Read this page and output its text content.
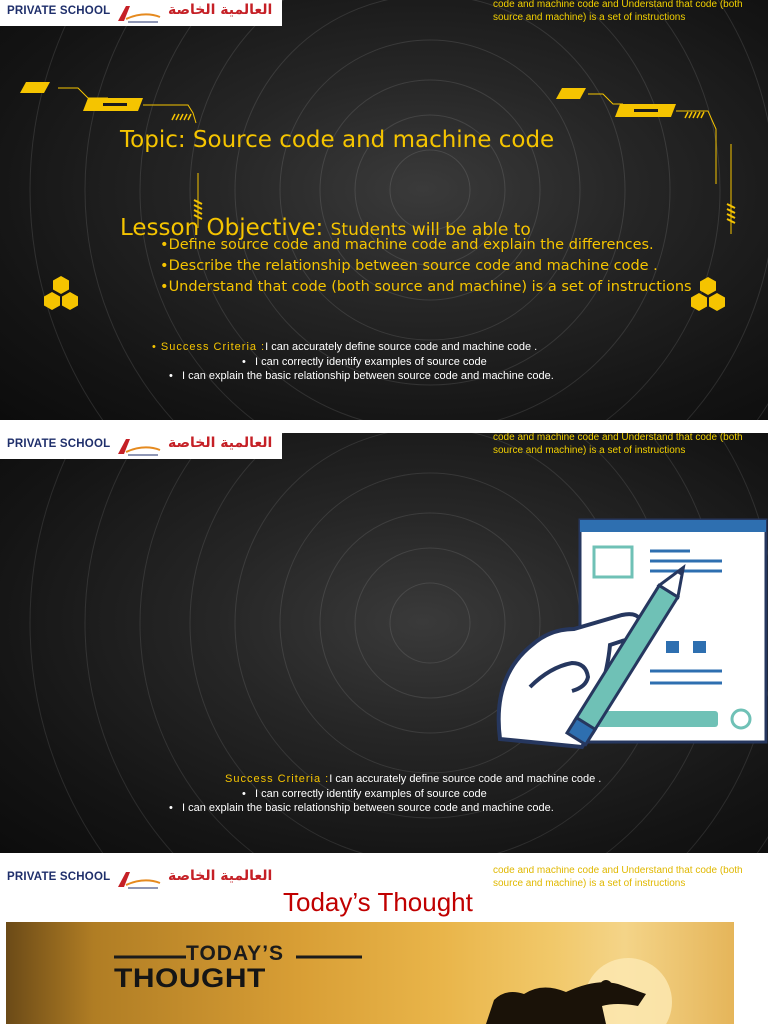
PRIVATE SCHOOL	العالمية الخاصة	code and machine code and Understand that code (both source and machine) is a set of instructions
Topic: Source code and machine code
Lesson Objective: Students will be able to
•Define source code and machine code and explain the differences.
•Describe the relationship between source code and machine code .
•Understand that code (both source and machine) is a set of instructions
• Success Criteria :I can accurately define source code and machine code .
•   I can correctly identify examples of source code
•   I can explain the basic relationship between source code and machine code.
PRIVATE SCHOOL	العالمية الخاصة	code and machine code and Understand that code (both source and machine) is a set of instructions
Success Criteria :I can accurately define source code and machine code .
•   I can correctly identify examples of source code
•   I can explain the basic relationship between source code and machine code.
PRIVATE SCHOOL	العالمية الخاصة	code and machine code and Understand that code (both source and machine) is a set of instructions
Today’s Thought
TODAY’S
THOUGHT
